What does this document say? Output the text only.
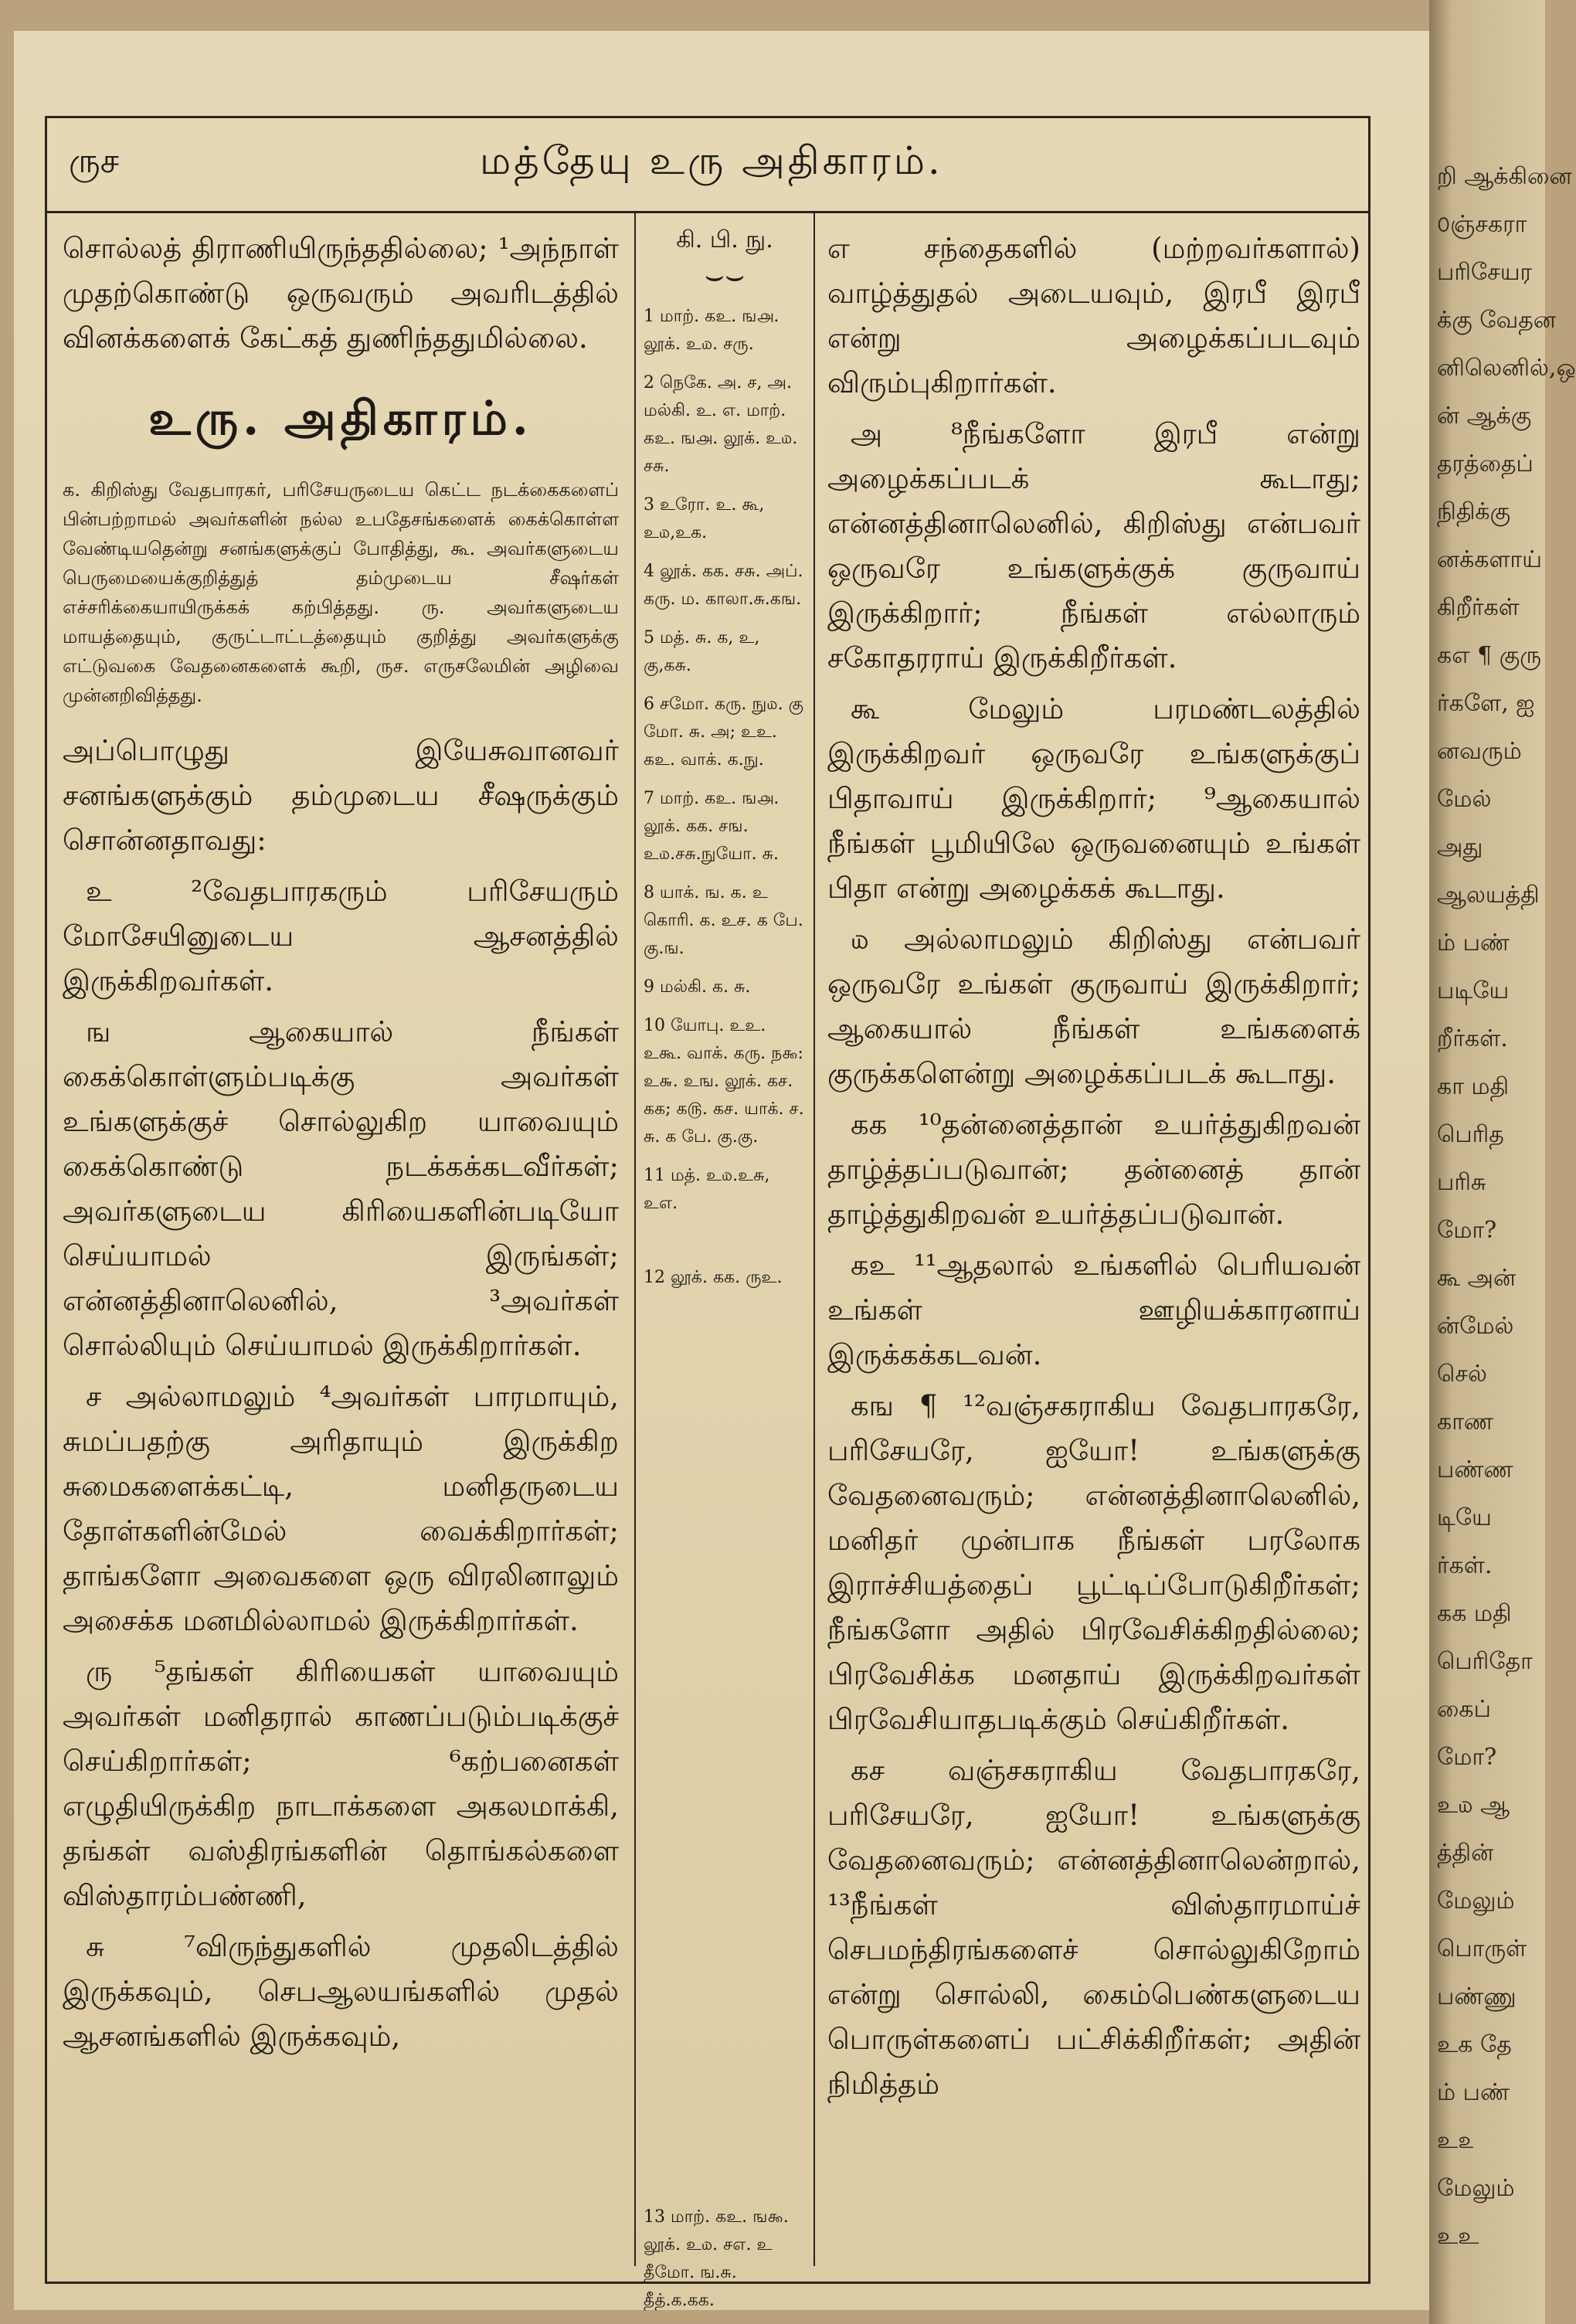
ருச	மத்தேயு உரு அதிகாரம்.

சொல்லத் திராணியிருந்ததில்லை; ¹அந்நாள் முதற்கொண்டு ஒருவரும் அவரிடத்தில் வினக்களைக் கேட்கத் துணிந்ததுமில்லை.

உரு. அதிகாரம்.

க. கிறிஸ்து வேதபாரகர், பரிசேயருடைய கெட்ட நடக்கைகளைப் பின்பற்றாமல் அவர்களின் நல்ல உபதேசங்களைக் கைக்கொள்ள வேண்டியதென்று சனங்களுக்குப் போதித்து, கூ. அவர்களுடைய பெருமையைக்குறித்துத் தம்முடைய சீஷர்கள் எச்சரிக்கையாயிருக்கக் கற்பித்தது. ரு. அவர்களுடைய மாயத்தையும், குருட்டாட்டத்தையும் குறித்து அவர்களுக்கு எட்டுவகை வேதனைகளைக் கூறி, ருச. எருசலேமின் அழிவை முன்னறிவித்தது.

அப்பொழுது இயேசுவானவர் சனங்களுக்கும் தம்முடைய சீஷருக்கும் சொன்னதாவது:

உ ²வேதபாரகரும் பரிசேயரும் மோசேயினுடைய ஆசனத்தில் இருக்கிறவர்கள்.

ங ஆகையால் நீங்கள் கைக்கொள்ளும்படிக்கு அவர்கள் உங்களுக்குச் சொல்லுகிற யாவையும் கைக்கொண்டு நடக்கக்கடவீர்கள்; அவர்களுடைய கிரியைகளின்படியோ செய்யாமல் இருங்கள்; என்னத்தினாலெனில், ³அவர்கள் சொல்லியும் செய்யாமல் இருக்கிறார்கள்.

ச அல்லாமலும் ⁴அவர்கள் பாரமாயும், சுமப்பதற்கு அரிதாயும் இருக்கிற சுமைகளைக்கட்டி, மனிதருடைய தோள்களின்மேல் வைக்கிறார்கள்; தாங்களோ அவைகளை ஒரு விரலினாலும் அசைக்க மனமில்லாமல் இருக்கிறார்கள்.

ரு ⁵தங்கள் கிரியைகள் யாவையும் அவர்கள் மனிதரால் காணப்படும்படிக்குச் செய்கிறார்கள்; ⁶கற்பனைகள் எழுதியிருக்கிற நாடாக்களை அகலமாக்கி, தங்கள் வஸ்திரங்களின் தொங்கல்களை விஸ்தாரம்பண்ணி,

சு ⁷விருந்துகளில் முதலிடத்தில் இருக்கவும், செபஆலயங்களில் முதல் ஆசனங்களில் இருக்கவும்,

கி. பி. நு.
⌣⌣
1 மாற். கஉ. ங௮. லூக். உ௰. சரு.
2 நெகே. அ. ச, அ. மல்கி. உ. எ. மாற். கஉ. ங௮. லூக். உ௰. சசு.
3 உரோ. உ. கூ, உ௰,உக.
4 லூக். கக. சசு. அப். கரு. ம. காலா.சு.கங.
5 மத். சு. க, உ, கு,கசு.
6 சமோ. கரு. நு௰. கு மோ. சு. அ; உஉ. கஉ. வாக். க.நு.
7 மாற். கஉ. ங௮. லூக். கக. சங. உ௰.சசு.நுயோ. சு.
8 யாக். ங. க. உ கொரி. க. உச. க பே. கு.ங.
9 மல்கி. க. சு.
10 யோபு. உஉ. உகூ. வாக். கரு. ந௯: உ௬. உங. லூக். கச. கக; க௫. கச. யாக். ச. சு. க பே. கு.கு.
11 மத். உ௰.உசு, உஎ.
12 லூக். கக. ருஉ.
13 மாற். கஉ. ங௯. லூக். உ௰. சஎ. உ தீமோ. ங.சு. தீத்.க.கக.

எ சந்தைகளில் (மற்றவர்களால்) வாழ்த்துதல் அடையவும், இரபீ இரபீ என்று அழைக்கப்படவும் விரும்புகிறார்கள்.

அ ⁸நீங்களோ இரபீ என்று அழைக்கப்படக் கூடாது; என்னத்தினாலெனில், கிறிஸ்து என்பவர் ஒருவரே உங்களுக்குக் குருவாய் இருக்கிறார்; நீங்கள் எல்லாரும் சகோதரராய் இருக்கிறீர்கள்.

கூ மேலும் பரமண்டலத்தில் இருக்கிறவர் ஒருவரே உங்களுக்குப் பிதாவாய் இருக்கிறார்; ⁹ஆகையால் நீங்கள் பூமியிலே ஒருவனையும் உங்கள் பிதா என்று அழைக்கக் கூடாது.

௰ அல்லாமலும் கிறிஸ்து என்பவர் ஒருவரே உங்கள் குருவாய் இருக்கிறார்; ஆகையால் நீங்கள் உங்களைக் குருக்களென்று அழைக்கப்படக் கூடாது.

கக ¹⁰தன்னைத்தான் உயர்த்துகிறவன் தாழ்த்தப்படுவான்; தன்னைத் தான் தாழ்த்துகிறவன் உயர்த்தப்படுவான்.

கஉ ¹¹ஆதலால் உங்களில் பெரியவன் உங்கள் ஊழியக்காரனாய் இருக்கக்கடவன்.

கங ¶ ¹²வஞ்சகராகிய வேதபாரகரே, பரிசேயரே, ஐயோ! உங்களுக்கு வேதனைவரும்; என்னத்தினாலெனில், மனிதர் முன்பாக நீங்கள் பரலோக இராச்சியத்தைப் பூட்டிப்போடுகிறீர்கள்; நீங்களோ அதில் பிரவேசிக்கிறதில்லை; பிரவேசிக்க மனதாய் இருக்கிறவர்கள் பிரவேசியாதபடிக்கும் செய்கிறீர்கள்.

கச வஞ்சகராகிய வேதபாரகரே, பரிசேயரே, ஐயோ! உங்களுக்கு வேதனைவரும்; என்னத்தினாலென்றால், ¹³நீங்கள் விஸ்தாரமாய்ச் செபமந்திரங்களைச் சொல்லுகிறோம் என்று சொல்லி, கைம்பெண்களுடைய பொருள்களைப் பட்சிக்கிறீர்கள்; அதின் நிமித்தம்

றி ஆக்கினை
௦ஞ்சகரா
பரிசேயர
க்கு வேதன
னிலெனில்,ஒ
ன் ஆக்கு
தரத்தைப்
நிதிக்கு
னக்களாய்
கிறீர்கள்
கஎ ¶ குரு
ர்களே, ஐ
னவரும்
மேல்
அது
ஆலயத்தி
ம் பண்
படியே
றீர்கள்.
கா மதி
பெரித
பரிசு
மோ?
கூ அன்
ன்மேல்
செல்
காண
பண்ண
டியே
ர்கள்.
கக மதி
பெரிதோ
கைப்
மோ?
உ௰ ஆ
த்தின்
மேலும்
பொருள்
பண்ணு
உக தே
ம் பண்
உ௨
மேலும்
உஉ
